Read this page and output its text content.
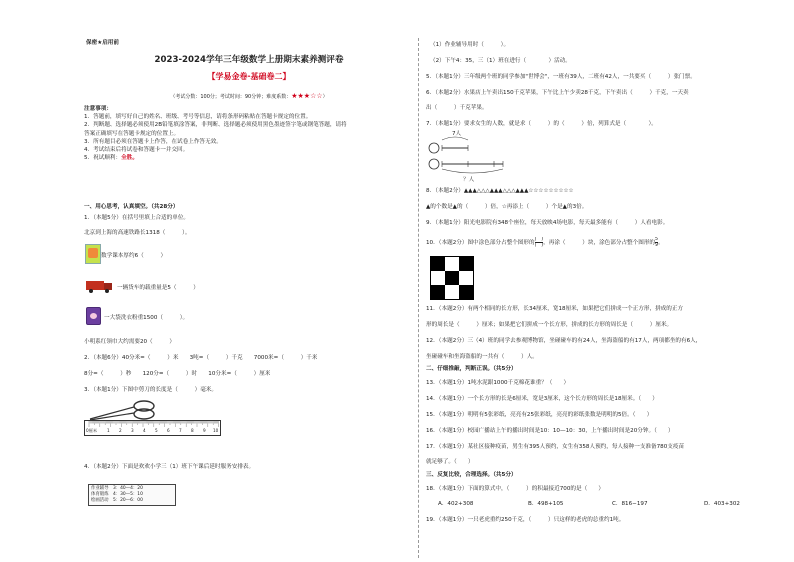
保密★启用前
2023-2024学年三年级数学上册期末素养测评卷
【学易金卷·基础卷二】
（考试分数：100分；考试时间：90分钟；难度系数：★★★☆☆）
注意事项：
1．答题前，填写好自己的姓名、班级、考号等信息，请将条形码粘贴在答题卡规定的位置。
2．判断题、选择题必须使用2B铅笔填涂答案，非判断、选择题必须使用黑色墨迹签字笔或钢笔答题，请将
答案正确填写在答题卡规定的位置上。
3．所有题目必须在答题卡上作答，在试卷上作答无效。
4．考试结束后将试卷和答题卡一并交回。
5．祝试顺利：全胜。
一、用心思考，认真填空。（共28分）
1．（本题5分）在括号里填上合适的单位。
北京到上海的高速铁路长1318（　　　）。
数学课本厚约6（　　　）
一辆货车的载重量是5（　　　）
一大袋洗衣粉重1500（　　　）。
小明系红领巾大约需要20（　　　）
2．（本题6分）40分米=（　　　）米　　3吨=（　　　）千克　　7000米=（　　　）千米
8分=（　　　）秒　　120分=（　　　）时　　10分米=（　　　）厘米
3．（本题1分）下图中剪刀的长度是（　　　）毫米。
0厘米 1 2 3 4 5 6 7 8 9 10
4．（本题2分）下面是欢欢小学三（1）班下午课后延时服务安排表。
作业辅导　3：40—4：20
体育锻炼　4：30—5：10
绘画活动　5：20—6：00
（1）作业辅导用时（　　　）。
（2）下午4：35，三（1）班在进行（　　　　）活动。
5．（本题1分）三年级两个班的同学参加"世博会"，一班有39人，二班有42人，一共要买（　　　）张门票。
6．（本题2分）水果店上午卖出150千克苹果，下午比上午少卖28千克，下午卖出（　　　）千克，一天卖
出（　　　）千克苹果。
7．（本题1分）要求女生的人数，就是求（　　　）的（　　　）倍，列算式是（　　　　）。
7人
？人
8．（本题2分）▲▲▲△△△▲▲▲△△△▲▲▲☆☆☆☆☆☆☆☆☆
▲的个数是▲的（　　　）倍，☆再添上（　　　）个是▲的3倍。
9．（本题1分）阳光电影院有348个座位，每天放映4场电影，每天最多能有（　　　）人看电影。
10．（本题2分）图中涂色部分占整个图形的 $\frac{( )}{( )}$ ，再涂（　　　）块，涂色部分占整个图形的 $\frac{5}{9}$ 。
11．（本题2分）有两个相同的长方形，长34厘米，宽18厘米，如果把它们拼成一个正方形，拼成的正方
形的周长是（　　　）厘米；如果把它们拼成一个长方形，拼成的长方形的周长是（　　　）厘米。
12．（本题2分）三（4）班的同学去参观博物馆，坐碰碰车的有24人，坐海盗船的有17人，两项都坐的有6人，
坐碰碰车和坐海盗船的一共有（　　　）人。
二、仔细推敲，判断正误。（共5分）
13．（本题1分）1吨水泥跟1000千克棉花谁重？（　　）
14．（本题1分）一个长方形的长是6厘米，宽是3厘米，这个长方形的周长是18厘米。（　　）
15．（本题1分）明明有5张彩纸，亮亮有25张彩纸，亮亮的彩纸张数是明明的5倍。（　　）
16．（本题1分）校园广播站上午的播出时间是10：10—10：30，上午播出时间是20分钟。（　　）
17．（本题1分）某社区接种疫苗，男生有395人预约，女生有358人预约，每人接种一支准备780支疫苗
就足够了。（　　）
三、反复比较，合理选择。（共5分）
18．（本题1分）下面的算式中，（　　　）的积最接近700的是（　　）
A．402+308	B．498+105	C．816−197	D．403+302
19．（本题1分）一只老虎重约250千克，（　　　）只这样的老虎的总重约1吨。
